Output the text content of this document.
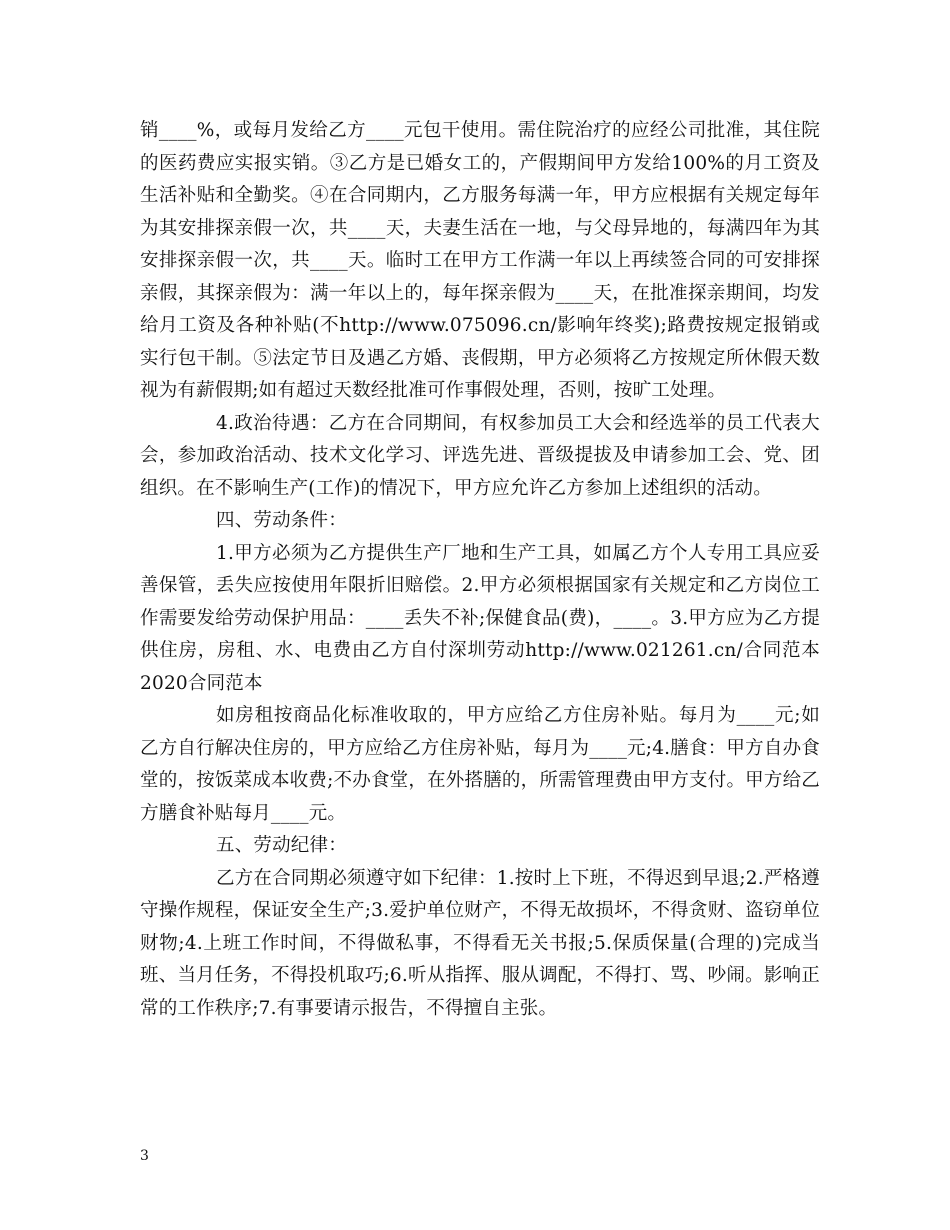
销____%，或每月发给乙方____元包干使用。需住院治疗的应经公司批准，其住院的医药费应实报实销。③乙方是已婚女工的，产假期间甲方发给100%的月工资及生活补贴和全勤奖。④在合同期内，乙方服务每满一年，甲方应根据有关规定每年为其安排探亲假一次，共____天，夫妻生活在一地，与父母异地的，每满四年为其安排探亲假一次，共____天。临时工在甲方工作满一年以上再续签合同的可安排探亲假，其探亲假为：满一年以上的，每年探亲假为____天，在批准探亲期间，均发给月工资及各种补贴(不http://www.075096.cn/影响年终奖);路费按规定报销或实行包干制。⑤法定节日及遇乙方婚、丧假期，甲方必须将乙方按规定所休假天数视为有薪假期;如有超过天数经批准可作事假处理，否则，按旷工处理。

4.政治待遇：乙方在合同期间，有权参加员工大会和经选举的员工代表大会，参加政治活动、技术文化学习、评选先进、晋级提拔及申请参加工会、党、团组织。在不影响生产(工作)的情况下，甲方应允许乙方参加上述组织的活动。

四、劳动条件：

1.甲方必须为乙方提供生产厂地和生产工具，如属乙方个人专用工具应妥善保管，丢失应按使用年限折旧赔偿。2.甲方必须根据国家有关规定和乙方岗位工作需要发给劳动保护用品：____丢失不补;保健食品(费)，____。3.甲方应为乙方提供住房，房租、水、电费由乙方自付深圳劳动http://www.021261.cn/合同范本2020合同范本

如房租按商品化标准收取的，甲方应给乙方住房补贴。每月为____元;如乙方自行解决住房的，甲方应给乙方住房补贴，每月为____元;4.膳食：甲方自办食堂的，按饭菜成本收费;不办食堂，在外搭膳的，所需管理费由甲方支付。甲方给乙方膳食补贴每月____元。

五、劳动纪律：

乙方在合同期必须遵守如下纪律：1.按时上下班，不得迟到早退;2.严格遵守操作规程，保证安全生产;3.爱护单位财产，不得无故损坏，不得贪财、盗窃单位财物;4.上班工作时间，不得做私事，不得看无关书报;5.保质保量(合理的)完成当班、当月任务，不得投机取巧;6.听从指挥、服从调配，不得打、骂、吵闹。影响正常的工作秩序;7.有事要请示报告，不得擅自主张。

3
